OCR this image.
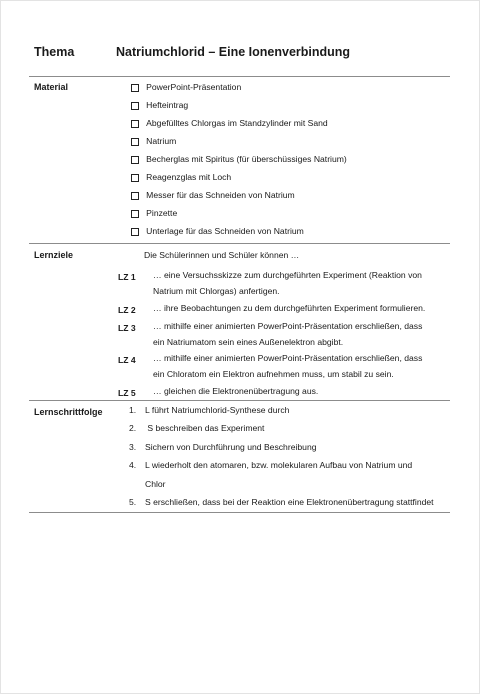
Thema	Natriumchlorid – Eine Ionenverbindung
Material	PowerPoint-Präsentation
Hefteintrag
Abgefülltes Chlorgas im Standzylinder mit Sand
Natrium
Becherglas mit Spiritus (für überschüssiges Natrium)
Reagenzglas mit Loch
Messer für das Schneiden von Natrium
Pinzette
Unterlage für das Schneiden von Natrium
Lernziele	Die Schülerinnen und Schüler können …
LZ 1 … eine Versuchsskizze zum durchgeführten Experiment (Reaktion von
Natrium mit Chlorgas) anfertigen.
LZ 2 … ihre Beobachtungen zu dem durchgeführten Experiment formulieren.
LZ 3 … mithilfe einer animierten PowerPoint-Präsentation erschließen, dass
ein Natriumatom sein eines Außenelektron abgibt.
LZ 4 … mithilfe einer animierten PowerPoint-Präsentation erschließen, dass
ein Chloratom ein Elektron aufnehmen muss, um stabil zu sein.
LZ 5 … gleichen die Elektronenübertragung aus.
Lernschrittfolge	1. L führt Natriumchlorid-Synthese durch
2. S beschreiben das Experiment
3. Sichern von Durchführung und Beschreibung
4. L wiederholt den atomaren, bzw. molekularen Aufbau von Natrium und
Chlor
5. S erschließen, dass bei der Reaktion eine Elektronenübertragung stattfindet
